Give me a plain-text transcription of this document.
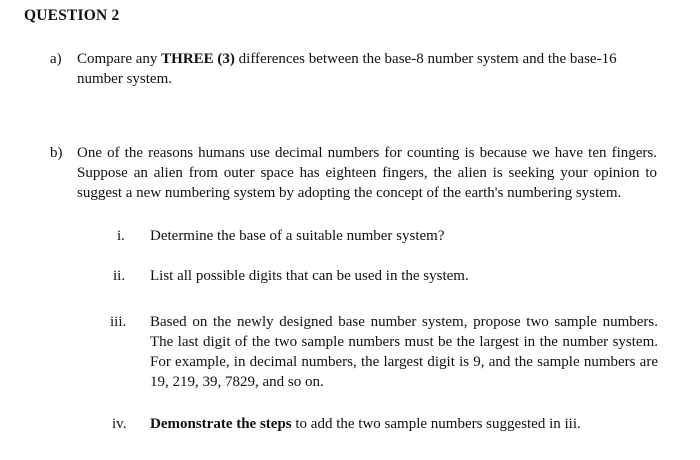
QUESTION 2
a) Compare any THREE (3) differences between the base-8 number system and the base-16 number system.
b) One of the reasons humans use decimal numbers for counting is because we have ten fingers. Suppose an alien from outer space has eighteen fingers, the alien is seeking your opinion to suggest a new numbering system by adopting the concept of the earth's numbering system.
i. Determine the base of a suitable number system?
ii. List all possible digits that can be used in the system.
iii. Based on the newly designed base number system, propose two sample numbers. The last digit of the two sample numbers must be the largest in the number system. For example, in decimal numbers, the largest digit is 9, and the sample numbers are 19, 219, 39, 7829, and so on.
iv. Demonstrate the steps to add the two sample numbers suggested in iii.
